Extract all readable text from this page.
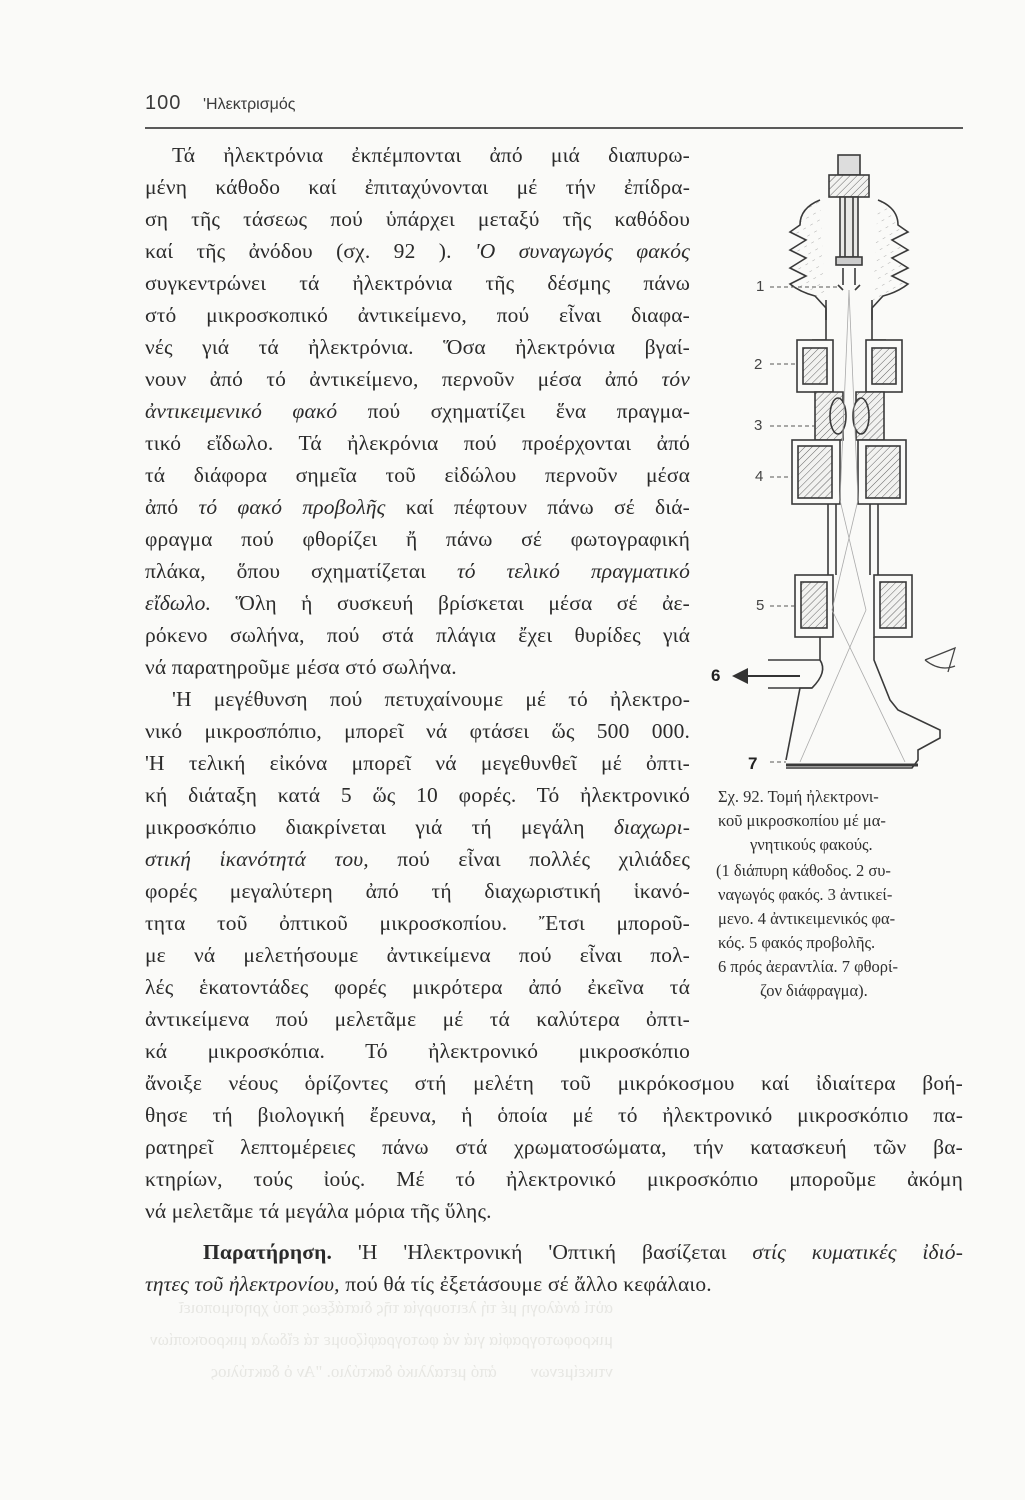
αὐτί ἀνάλογη μέ τή λειτουργία τῆς διατάξεως πού χρησιμοποιεῖ
μικροφωτογραφία γιά νά φωτογραφίζουμε τά εἴδωλα μικροσκοπίων
ντικείμενων        ἀπό μεταλλικό δακτύλιο. "Αν ὁ δακτύλιος
100 'Ηλεκτρισμός
Τά ἠλεκτρόνια ἐκπέμπονται ἀπό μιά διαπυρω-
μένη κάθοδο καί ἐπιταχύνονται μέ τήν ἐπίδρα-
ση τῆς τάσεως πού ὑπάρχει μεταξύ τῆς καθόδου
καί τῆς ἀνόδου (σχ. 92 ). 'Ο συναγωγός φακός
συγκεντρώνει τά ἠλεκτρόνια τῆς δέσμης πάνω
στό μικροσκοπικό ἀντικείμενο, πού εἶναι διαφα-
νές γιά τά ἠλεκτρόνια. Ὅσα ἠλεκτρόνια βγαί-
νουν ἀπό τό ἀντικείμενο, περνοῦν μέσα ἀπό τόν
ἀντικειμενικό φακό πού σχηματίζει ἕνα πραγμα-
τικό εἴδωλο. Τά ἠλεκρόνια πού προέρχονται ἀπό
τά διάφορα σημεῖα τοῦ εἰδώλου περνοῦν μέσα
ἀπό τό φακό προβολῆς καί πέφτουν πάνω σέ διά-
φραγμα πού φθορίζει ἤ πάνω σέ φωτογραφική
πλάκα, ὅπου σχηματίζεται τό τελικό πραγματικό
εἴδωλο. Ὅλη ἡ συσκευή βρίσκεται μέσα σέ ἀε-
ρόκενο σωλήνα, πού στά πλάγια ἔχει θυρίδες γιά
νά παρατηροῦμε μέσα στό σωλήνα.
'Η μεγέθυνση πού πετυχαίνουμε μέ τό ἠλεκτρο-
νικό μικροσπόπιο, μπορεῖ νά φτάσει ὥς 500 000.
'Η τελική εἰκόνα μπορεῖ νά μεγεθυνθεῖ μέ ὀπτι-
κή διάταξη κατά 5 ὥς 10 φορές. Τό ἠλεκτρονικό
μικροσκόπιο διακρίνεται γιά τή μεγάλη διαχωρι-
στική ἱκανότητά του, πού εἶναι πολλές χιλιάδες
φορές μεγαλύτερη ἀπό τή διαχωριστική ἱκανό-
τητα τοῦ ὀπτικοῦ μικροσκοπίου. Ἔτσι μποροῦ-
με νά μελετήσουμε ἀντικείμενα πού εἶναι πολ-
λές ἑκατοντάδες φορές μικρότερα ἀπό ἐκεῖνα τά
ἀντικείμενα πού μελετᾶμε μέ τά καλύτερα ὀπτι-
κά μικροσκόπια. Τό ἠλεκτρονικό μικροσκόπιο
ἄνοιξε νέους ὁρίζοντες στή μελέτη τοῦ μικρόκοσμου καί ἰδιαίτερα βοή-
θησε τή βιολογική ἔρευνα, ἡ ὁποία μέ τό ἠλεκτρονικό μικροσκόπιο πα-
ρατηρεῖ λεπτομέρειες πάνω στά χρωματοσώματα, τήν κατασκευή τῶν βα-
κτηρίων, τούς ἰούς. Μέ τό ἠλεκτρονικό μικροσκόπιο μποροῦμε ἀκόμη
νά μελετᾶμε τά μεγάλα μόρια τῆς ὕλης.
Παρατήρηση. 'Η 'Ηλεκτρονική 'Οπτική βασίζεται στίς κυματικές ἰδιό-
τητες τοῦ ἠλεκτρονίου, πού θά τίς ἐξετάσουμε σέ ἄλλο κεφάλαιο.
1
2
3
4
5
6
7
Σχ. 92. Τομή ἠλεκτρονι-
κοῦ μικροσκοπίου μέ μα-
γνητικούς φακούς.
(1 διάπυρη κάθοδος. 2 συ-
ναγωγός φακός. 3 ἀντικεί-
μενο. 4 ἀντικειμενικός φα-
κός. 5 φακός προβολῆς.
6 πρός ἀεραντλία. 7 φθορί-
ζον διάφραγμα).
